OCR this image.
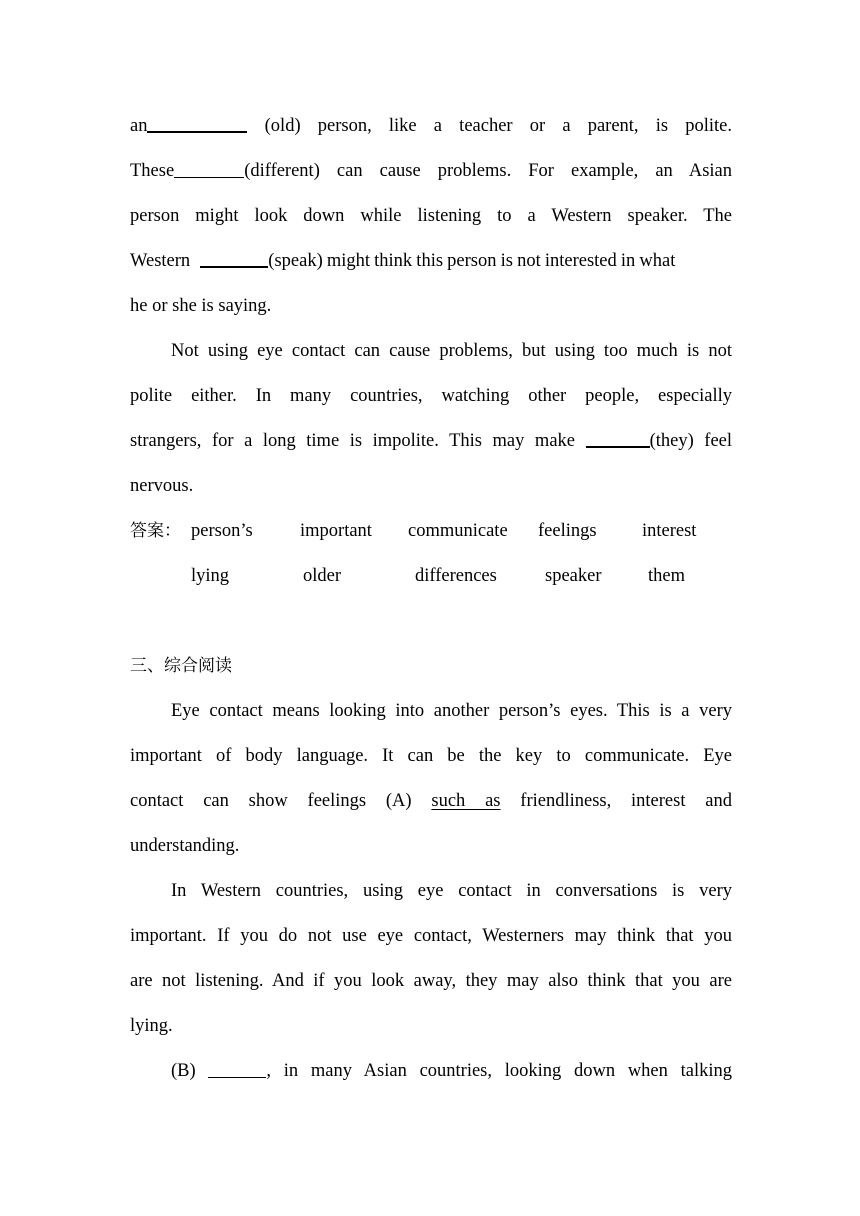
an	(old) person, like a teacher or a parent, is polite.
These	(different) can cause problems. For example, an Asian
person might look down while listening to a Western speaker. The
Western	(speak) might think this person is not interested in what
he or she is saying.
Not using eye contact can cause problems, but using too much is not
polite either. In many countries, watching other people, especially
strangers, for a long time is impolite. This may make	(they) feel
nervous.
答案： person’s	important communicate feelings interest
lying	older	differences	speaker	them
三、综合阅读
Eye contact means looking into another person’s eyes. This is a very
important of body language. It can be the key to communicate. Eye
contact can show feelings (A) such as friendliness, interest and
understanding.
In Western countries, using eye contact in conversations is very
important. If you do not use eye contact, Westerners may think that you
are not listening. And if you look away, they may also think that you are
lying.
(B)	, in many Asian countries, looking down when talking
